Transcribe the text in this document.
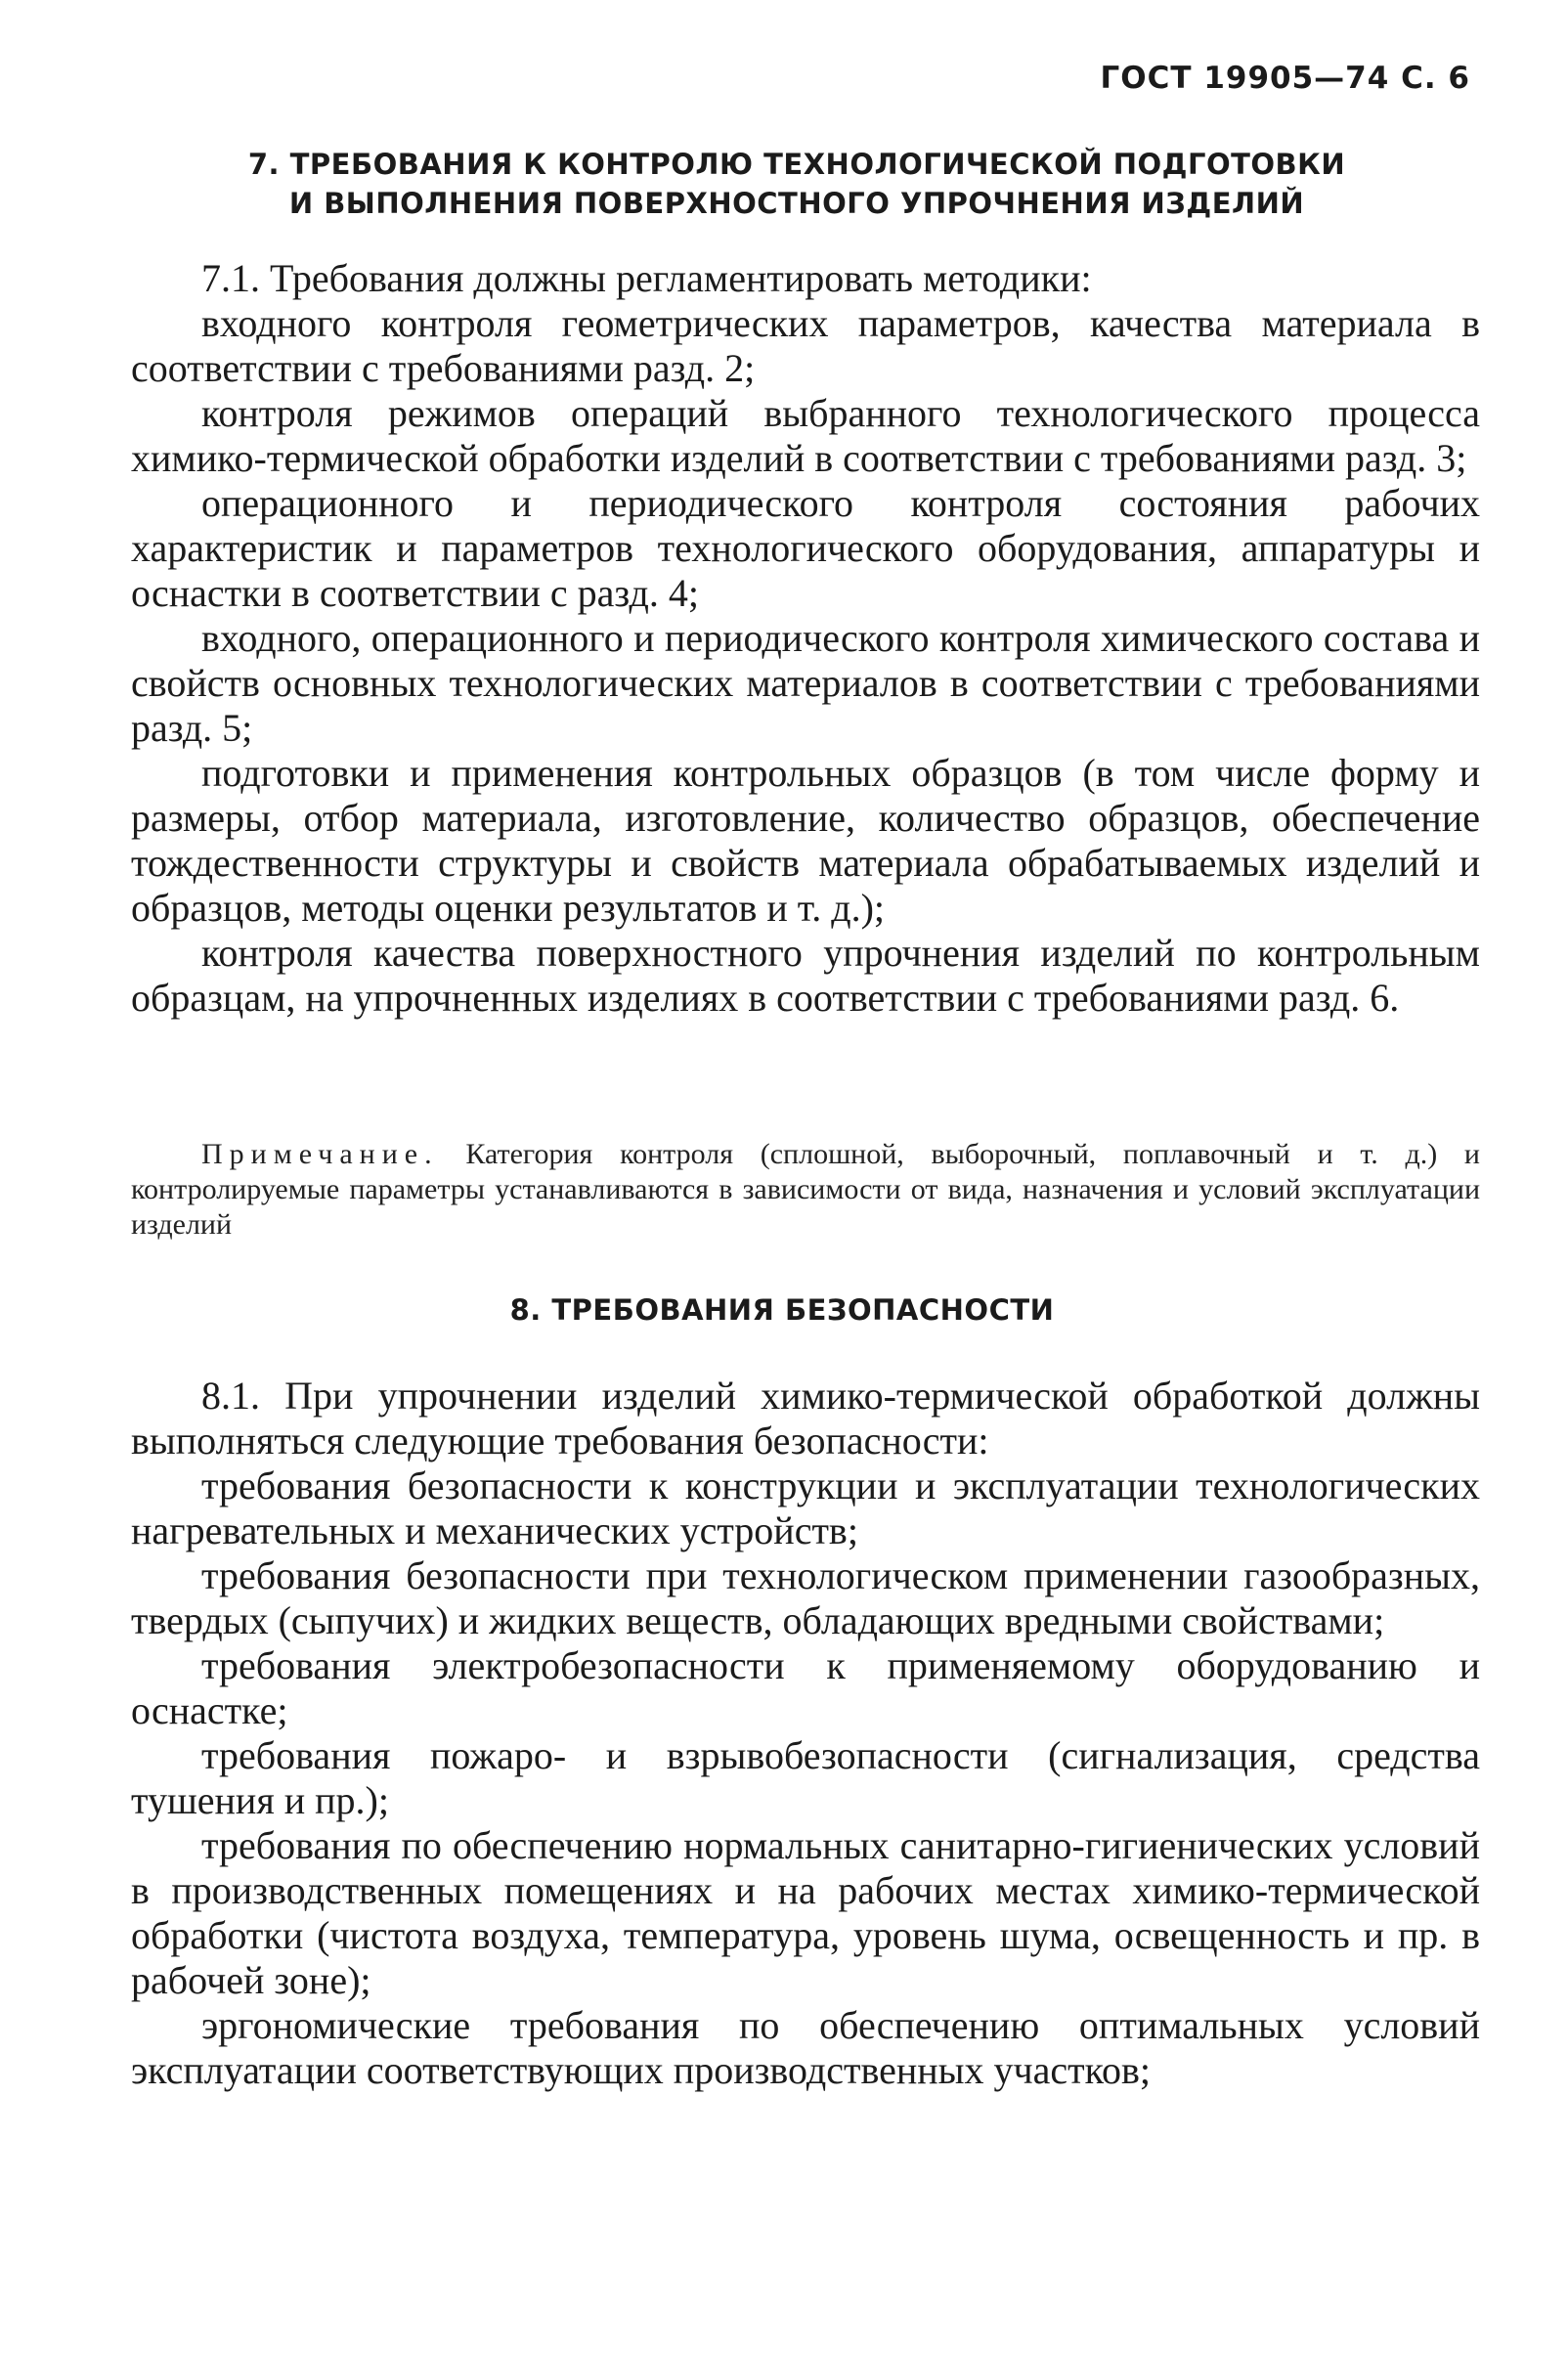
ГОСТ 19905—74 С. 6
7. ТРЕБОВАНИЯ К КОНТРОЛЮ ТЕХНОЛОГИЧЕСКОЙ ПОДГОТОВКИ
И ВЫПОЛНЕНИЯ ПОВЕРХНОСТНОГО УПРОЧНЕНИЯ ИЗДЕЛИЙ

7.1. Требования должны регламентировать методики:

входного контроля геометрических параметров, качества материала в соответствии с требованиями разд. 2;

контроля режимов операций выбранного технологического процесса химико-термической обработки изделий в соответствии с требованиями разд. 3;

операционного и периодического контроля состояния рабочих характеристик и параметров технологического оборудования, аппаратуры и оснастки в соответствии с разд. 4;

входного, операционного и периодического контроля химического состава и свойств основных технологических материалов в соответствии с требованиями разд. 5;

подготовки и применения контрольных образцов (в том числе форму и размеры, отбор материала, изготовление, количество образцов, обеспечение тождественности структуры и свойств материала обрабатываемых изделий и образцов, методы оценки результатов и т. д.);

контроля качества поверхностного упрочнения изделий по контрольным образцам, на упрочненных изделиях в соответствии с требованиями разд. 6.

Примечание. Категория контроля (сплошной, выборочный, поплавочный и т. д.) и контролируемые параметры устанавливаются в зависимости от вида, назначения и условий эксплуатации изделий
8. ТРЕБОВАНИЯ БЕЗОПАСНОСТИ

8.1. При упрочнении изделий химико-термической обработкой должны выполняться следующие требования безопасности:

требования безопасности к конструкции и эксплуатации технологических нагревательных и механических устройств;

требования безопасности при технологическом применении газообразных, твердых (сыпучих) и жидких веществ, обладающих вредными свойствами;

требования электробезопасности к применяемому оборудованию и оснастке;

требования пожаро- и взрывобезопасности (сигнализация, средства тушения и пр.);

требования по обеспечению нормальных санитарно-гигиенических условий в производственных помещениях и на рабочих местах химико-термической обработки (чистота воздуха, температура, уровень шума, освещенность и пр. в рабочей зоне);

эргономические требования по обеспечению оптимальных условий эксплуатации соответствующих производственных участков;
